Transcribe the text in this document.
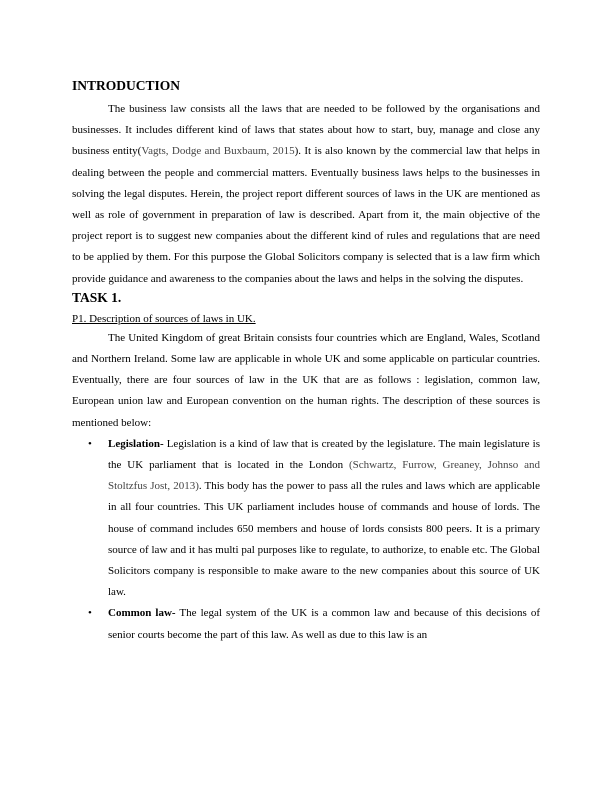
INTRODUCTION

The business law consists all the laws that are needed to be followed by the organisations and businesses. It includes different kind of laws that states about how to start, buy, manage and close any business entity(Vagts, Dodge and Buxbaum, 2015). It is also known by the commercial law that helps in dealing between the people and commercial matters. Eventually business laws helps to the businesses in solving the legal disputes. Herein, the project report different sources of laws in the UK are mentioned as well as role of government in preparation of law is described. Apart from it, the main objective of the project report is to suggest new companies about the different kind of rules and regulations that are need to be applied by them. For this purpose the Global Solicitors company is selected that is a law firm which provide guidance and awareness to the companies about the laws and helps in the solving the disputes.

TASK 1.

P1. Description of sources of laws in UK.

The United Kingdom of great Britain consists four countries which are England, Wales, Scotland and Northern Ireland. Some law are applicable in whole UK and some applicable on particular countries. Eventually, there are four sources of law in the UK that are as follows : legislation, common law, European union law and European convention on the human rights. The description of these sources is mentioned below:

• Legislation- Legislation is a kind of law that is created by the legislature. The main legislature is the UK parliament that is located in the London (Schwartz, Furrow, Greaney, Johnso and Stoltzfus Jost, 2013). This body has the power to pass all the rules and laws which are applicable in all four countries. This UK parliament includes house of commands and house of lords. The house of command includes 650 members and house of lords consists 800 peers. It is a primary source of law and it has multi pal purposes like to regulate, to authorize, to enable etc. The Global Solicitors company is responsible to make aware to the new companies about this source of UK law.
• Common law- The legal system of the UK is a common law and because of this decisions of senior courts become the part of this law. As well as due to this law is an
